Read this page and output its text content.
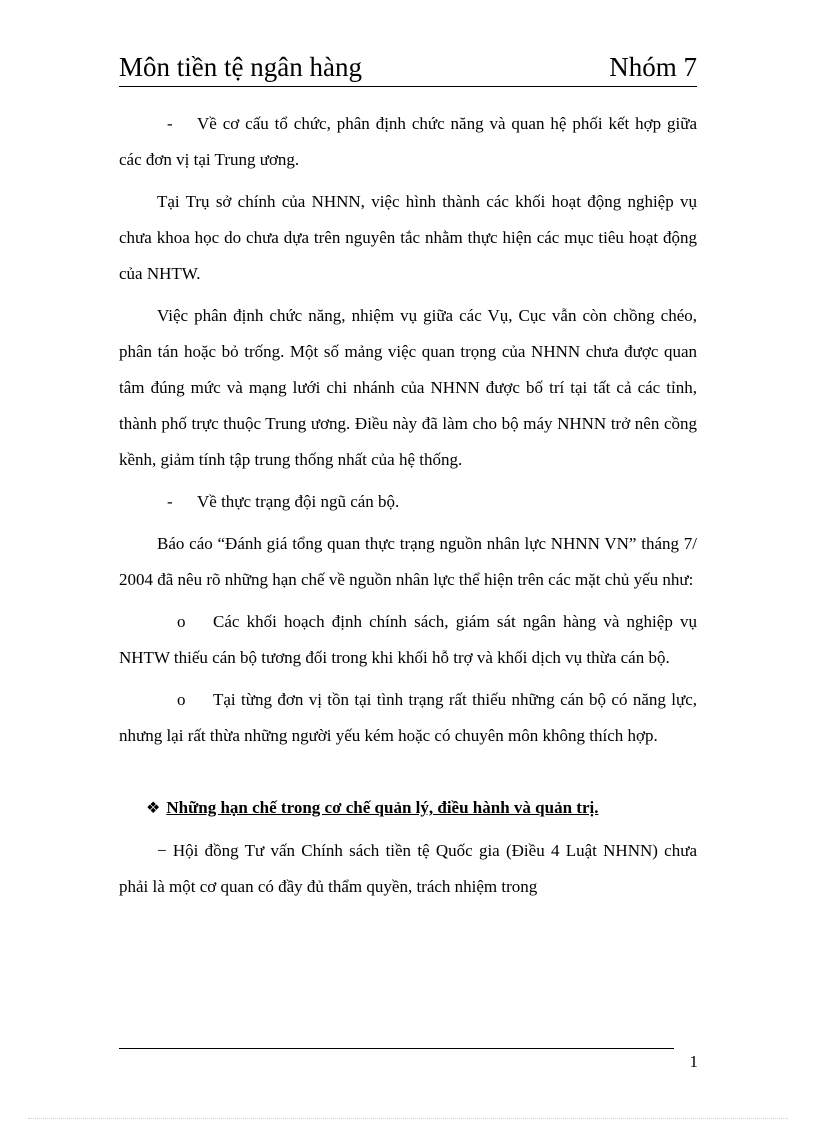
Môn tiền tệ ngân hàng	Nhóm 7
- Về cơ cấu tổ chức, phân định chức năng và quan hệ phối kết hợp giữa các đơn vị tại Trung ương.

Tại Trụ sở chính của NHNN, việc hình thành các khối hoạt động nghiệp vụ chưa khoa học do chưa dựa trên nguyên tắc nhằm thực hiện các mục tiêu hoạt động của NHTW.

Việc phân định chức năng, nhiệm vụ giữa các Vụ, Cục vẫn còn chồng chéo, phân tán hoặc bỏ trống. Một số mảng việc quan trọng của NHNN chưa được quan tâm đúng mức và mạng lưới chi nhánh của NHNN được bố trí tại tất cả các tỉnh, thành phố trực thuộc Trung ương. Điều này đã làm cho bộ máy NHNN trở nên cồng kềnh, giảm tính tập trung thống nhất của hệ thống.

-	Về thực trạng đội ngũ cán bộ.

Báo cáo “Đánh giá tổng quan thực trạng nguồn nhân lực NHNN VN” tháng 7/ 2004 đã nêu rõ những hạn chế về nguồn nhân lực thể hiện trên các mặt chủ yếu như:

o Các khối hoạch định chính sách, giám sát ngân hàng và nghiệp vụ NHTW thiếu cán bộ tương đối trong khi khối hỗ trợ và khối dịch vụ thừa cán bộ.

o Tại từng đơn vị tồn tại tình trạng rất thiếu những cán bộ có năng lực, nhưng lại rất thừa những người yếu kém hoặc có chuyên môn không thích hợp.

❖ Những hạn chế trong cơ chế quản lý, điều hành và quản trị.

− Hội đồng Tư vấn Chính sách tiền tệ Quốc gia (Điều 4 Luật NHNN) chưa phải là một cơ quan có đầy đủ thẩm quyền, trách nhiệm trong

1
